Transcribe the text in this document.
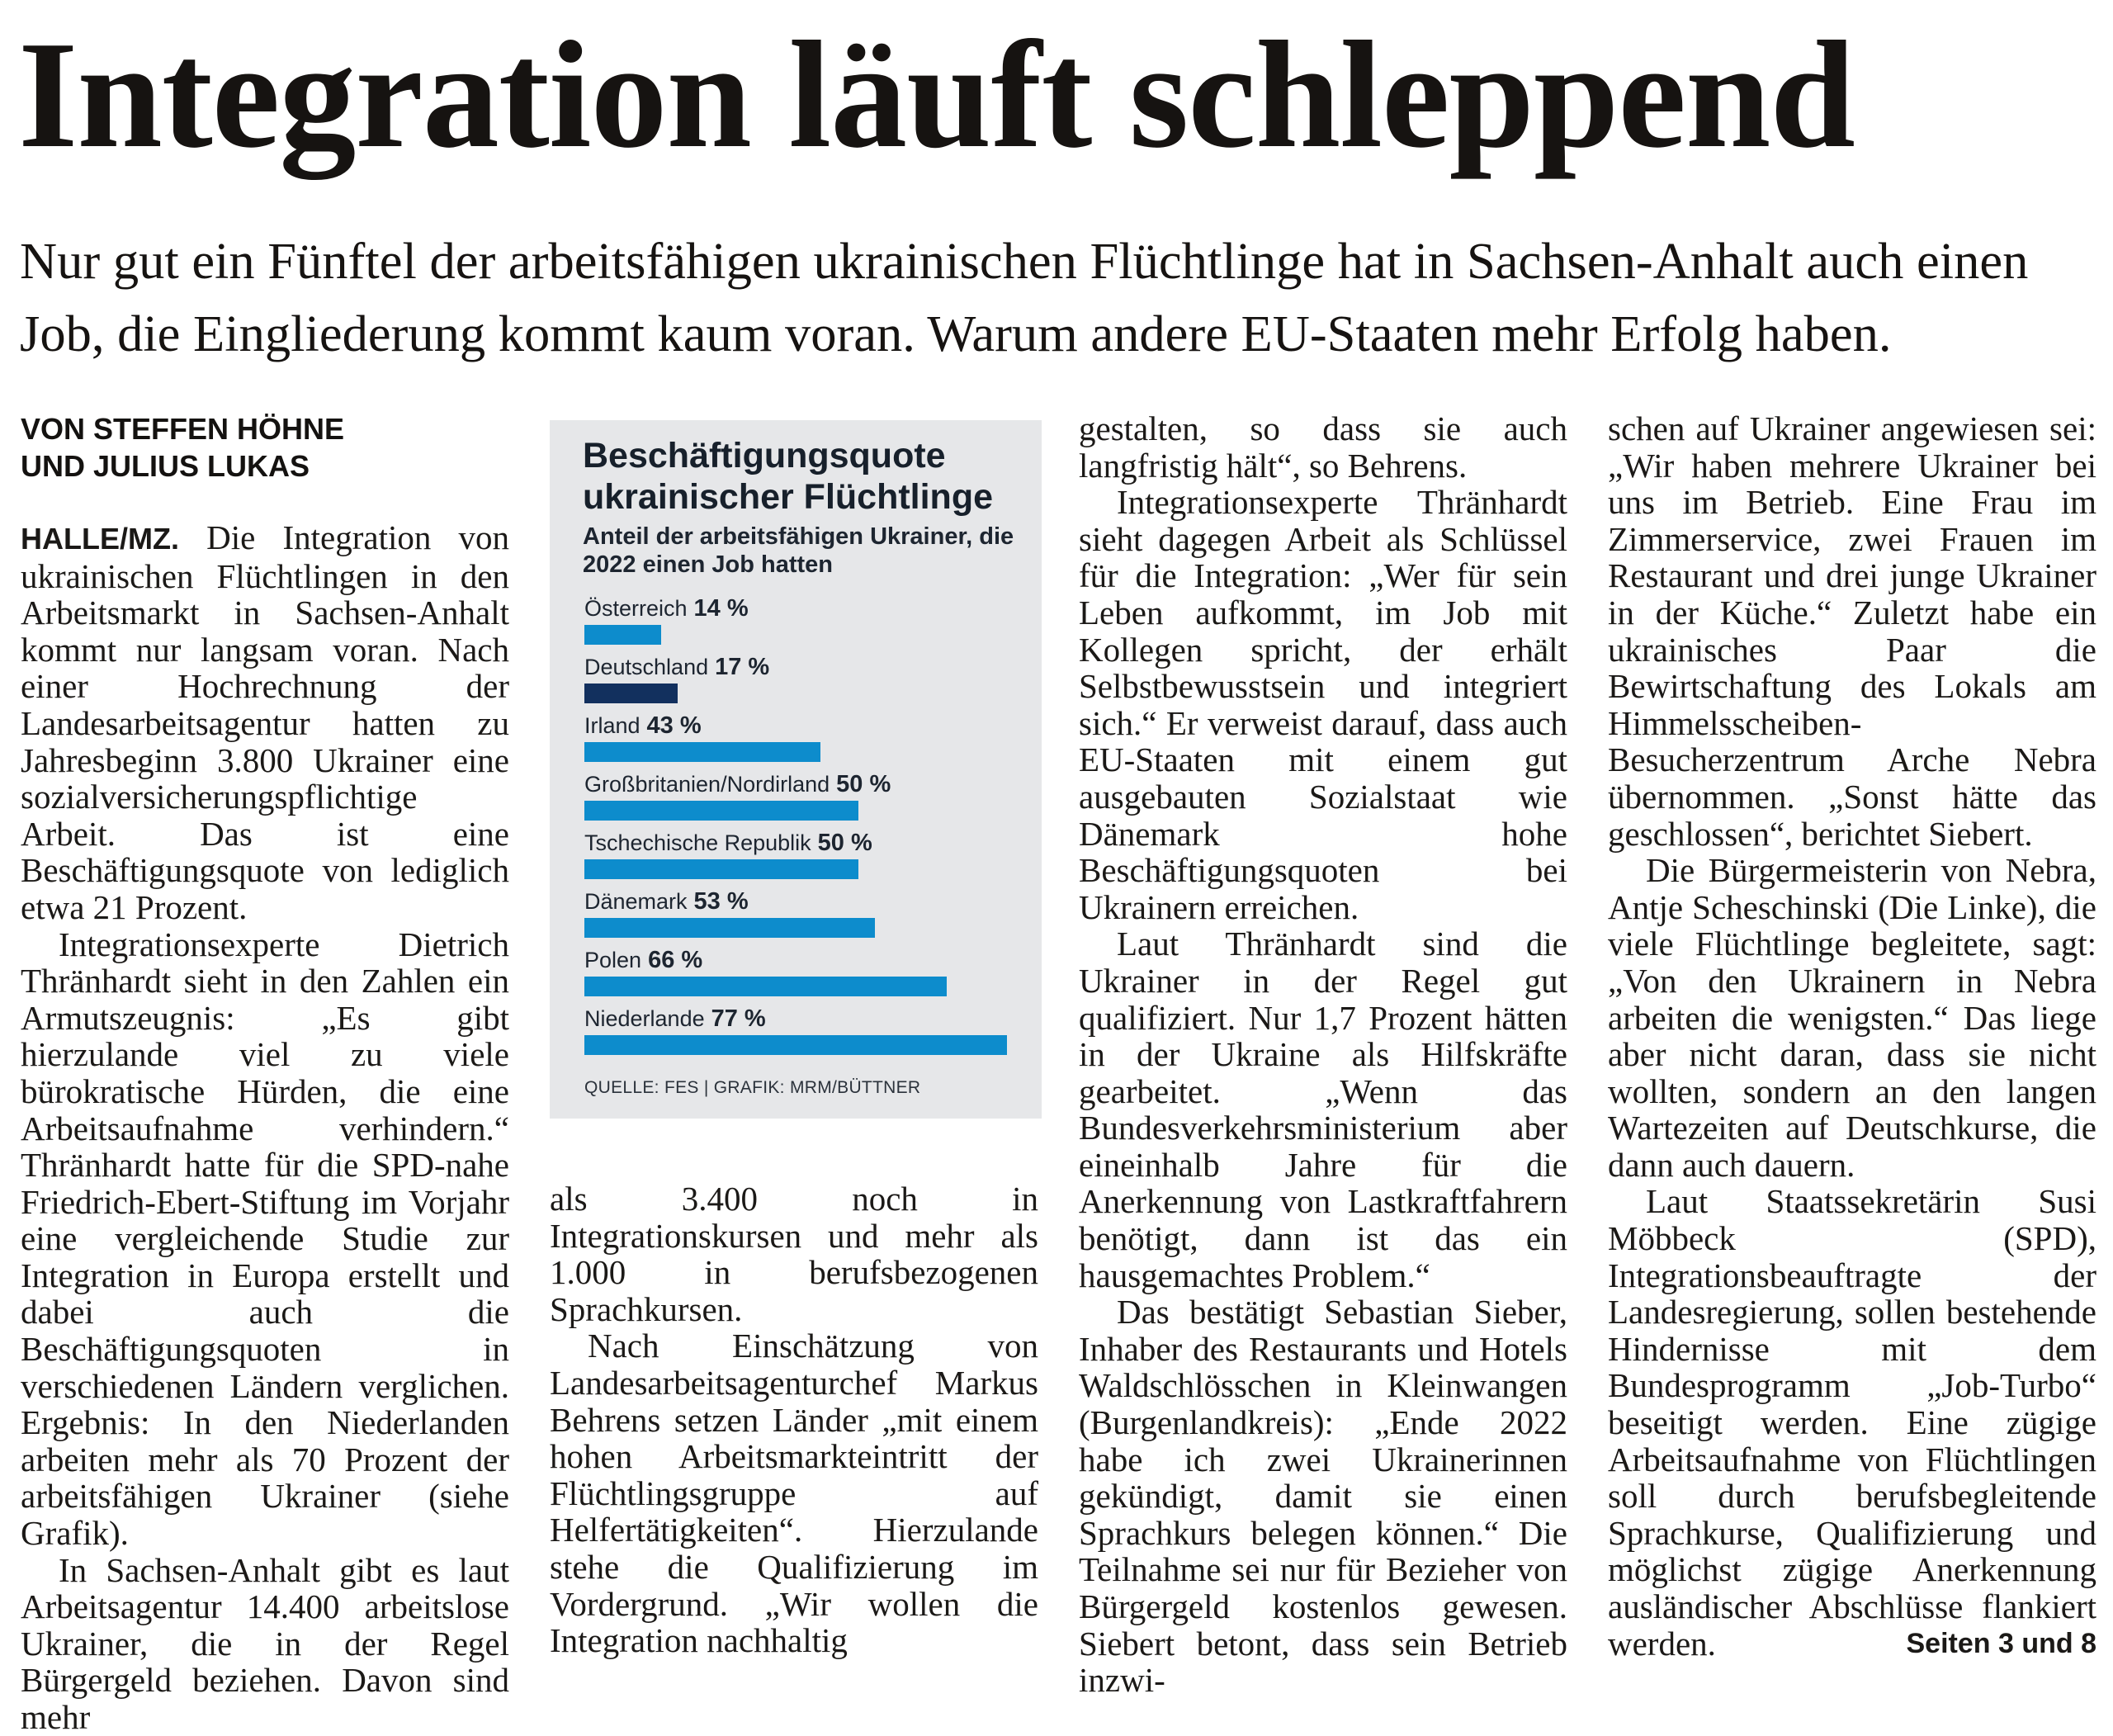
Integration läuft schleppend
Nur gut ein Fünftel der arbeitsfähigen ukrainischen Flüchtlinge hat in Sachsen-Anhalt auch einen Job, die Eingliederung kommt kaum voran. Warum andere EU-Staaten mehr Erfolg haben.
VON STEFFEN HÖHNE
UND JULIUS LUKAS

HALLE/MZ. Die Integration von ukrainischen Flüchtlingen in den Arbeitsmarkt in Sachsen-Anhalt kommt nur langsam voran. Nach einer Hochrechnung der Landesarbeitsagentur hatten zu Jahresbeginn 3.800 Ukrainer eine sozialversicherungspflichtige Arbeit. Das ist eine Beschäftigungsquote von lediglich etwa 21 Prozent.

Integrationsexperte Dietrich Thränhardt sieht in den Zahlen ein Armutszeugnis: „Es gibt hierzulande viel zu viele bürokratische Hürden, die eine Arbeitsaufnahme verhindern.“ Thränhardt hatte für die SPD-nahe Friedrich-Ebert-Stiftung im Vorjahr eine vergleichende Studie zur Integration in Europa erstellt und dabei auch die Beschäftigungsquoten in verschiedenen Ländern verglichen. Ergebnis: In den Niederlanden arbeiten mehr als 70 Prozent der arbeitsfähigen Ukrainer (siehe Grafik).

In Sachsen-Anhalt gibt es laut Arbeitsagentur 14.400 arbeitslose Ukrainer, die in der Regel Bürgergeld beziehen. Davon sind mehr

Beschäftigungsquote ukrainischer Flüchtlinge

Anteil der arbeitsfähigen Ukrainer, die 2022 einen Job hatten

Österreich 14 %
Deutschland 17 %
Irland 43 %
Großbritanien/Nordirland 50 %
Tschechische Republik 50 %
Dänemark 53 %
Polen 66 %
Niederlande 77 %
QUELLE: FES | GRAFIK: MRM/BÜTTNER

als 3.400 noch in Integrationskursen und mehr als 1.000 in berufsbezogenen Sprachkursen.

Nach Einschätzung von Landesarbeitsagenturchef Markus Behrens setzen Länder „mit einem hohen Arbeitsmarkteintritt der Flüchtlingsgruppe auf Helfertätigkeiten“. Hierzulande stehe die Qualifizierung im Vordergrund. „Wir wollen die Integration nachhaltig

gestalten, so dass sie auch langfristig hält“, so Behrens.

Integrationsexperte Thränhardt sieht dagegen Arbeit als Schlüssel für die Integration: „Wer für sein Leben aufkommt, im Job mit Kollegen spricht, der erhält Selbstbewusstsein und integriert sich.“ Er verweist darauf, dass auch EU-Staaten mit einem gut ausgebauten Sozialstaat wie Dänemark hohe Beschäftigungsquoten bei Ukrainern erreichen.

Laut Thränhardt sind die Ukrainer in der Regel gut qualifiziert. Nur 1,7 Prozent hätten in der Ukraine als Hilfskräfte gearbeitet. „Wenn das Bundesverkehrsministerium aber eineinhalb Jahre für die Anerkennung von Lastkraftfahrern benötigt, dann ist das ein hausgemachtes Problem.“

Das bestätigt Sebastian Sieber, Inhaber des Restaurants und Hotels Waldschlösschen in Kleinwangen (Burgenlandkreis): „Ende 2022 habe ich zwei Ukrainerinnen gekündigt, damit sie einen Sprachkurs belegen können.“ Die Teilnahme sei nur für Bezieher von Bürgergeld kostenlos gewesen. Siebert betont, dass sein Betrieb inzwi-

schen auf Ukrainer angewiesen sei: „Wir haben mehrere Ukrainer bei uns im Betrieb. Eine Frau im Zimmerservice, zwei Frauen im Restaurant und drei junge Ukrainer in der Küche.“ Zuletzt habe ein ukrainisches Paar die Bewirtschaftung des Lokals am Himmelsscheiben-Besucherzentrum Arche Nebra übernommen. „Sonst hätte das geschlossen“, berichtet Siebert.

Die Bürgermeisterin von Nebra, Antje Scheschinski (Die Linke), die viele Flüchtlinge begleitete, sagt: „Von den Ukrainern in Nebra arbeiten die wenigsten.“ Das liege aber nicht daran, dass sie nicht wollten, sondern an den langen Wartezeiten auf Deutschkurse, die dann auch dauern.

Laut Staatssekretärin Susi Möbbeck (SPD), Integrationsbeauftragte der Landesregierung, sollen bestehende Hindernisse mit dem Bundesprogramm „Job-Turbo“ beseitigt werden. Eine zügige Arbeitsaufnahme von Flüchtlingen soll durch berufsbegleitende Sprachkurse, Qualifizierung und möglichst zügige Anerkennung ausländischer Abschlüsse flankiert werden.	Seiten 3 und 8
